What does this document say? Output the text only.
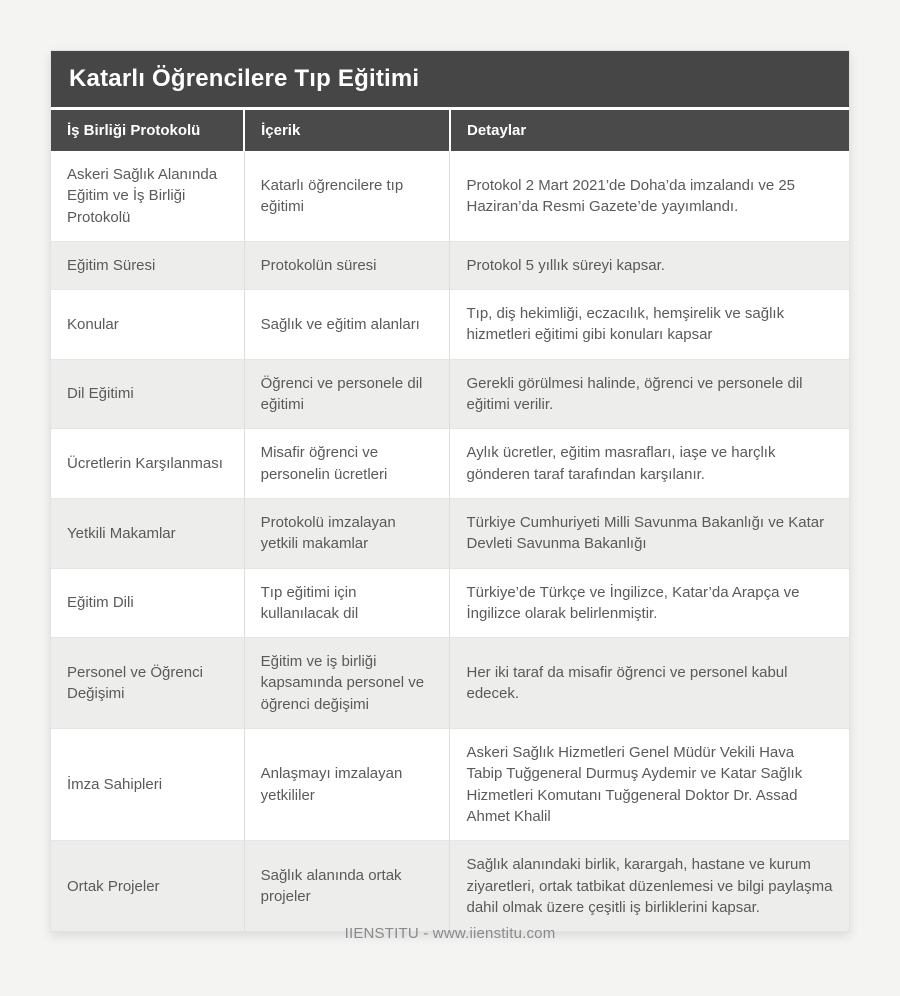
Katarlı Öğrencilere Tıp Eğitimi
İş Birliği Protokolü	İçerik	Detaylar
Askeri Sağlık Alanında Eğitim ve İş Birliği Protokolü	Katarlı öğrencilere tıp eğitimi	Protokol 2 Mart 2021’de Doha’da imzalandı ve 25 Haziran’da Resmi Gazete’de yayımlandı.
Eğitim Süresi	Protokolün süresi	Protokol 5 yıllık süreyi kapsar.
Konular	Sağlık ve eğitim alanları	Tıp, diş hekimliği, eczacılık, hemşirelik ve sağlık hizmetleri eğitimi gibi konuları kapsar
Dil Eğitimi	Öğrenci ve personele dil eğitimi	Gerekli görülmesi halinde, öğrenci ve personele dil eğitimi verilir.
Ücretlerin Karşılanması	Misafir öğrenci ve personelin ücretleri	Aylık ücretler, eğitim masrafları, iaşe ve harçlık gönderen taraf tarafından karşılanır.
Yetkili Makamlar	Protokolü imzalayan yetkili makamlar	Türkiye Cumhuriyeti Milli Savunma Bakanlığı ve Katar Devleti Savunma Bakanlığı
Eğitim Dili	Tıp eğitimi için kullanılacak dil	Türkiye’de Türkçe ve İngilizce, Katar’da Arapça ve İngilizce olarak belirlenmiştir.
Personel ve Öğrenci Değişimi	Eğitim ve iş birliği kapsamında personel ve öğrenci değişimi	Her iki taraf da misafir öğrenci ve personel kabul edecek.
İmza Sahipleri	Anlaşmayı imzalayan yetkililer	Askeri Sağlık Hizmetleri Genel Müdür Vekili Hava Tabip Tuğgeneral Durmuş Aydemir ve Katar Sağlık Hizmetleri Komutanı Tuğgeneral Doktor Dr. Assad Ahmet Khalil
Ortak Projeler	Sağlık alanında ortak projeler	Sağlık alanındaki birlik, karargah, hastane ve kurum ziyaretleri, ortak tatbikat düzenlemesi ve bilgi paylaşma dahil olmak üzere çeşitli iş birliklerini kapsar.
IIENSTITU - www.iienstitu.com
